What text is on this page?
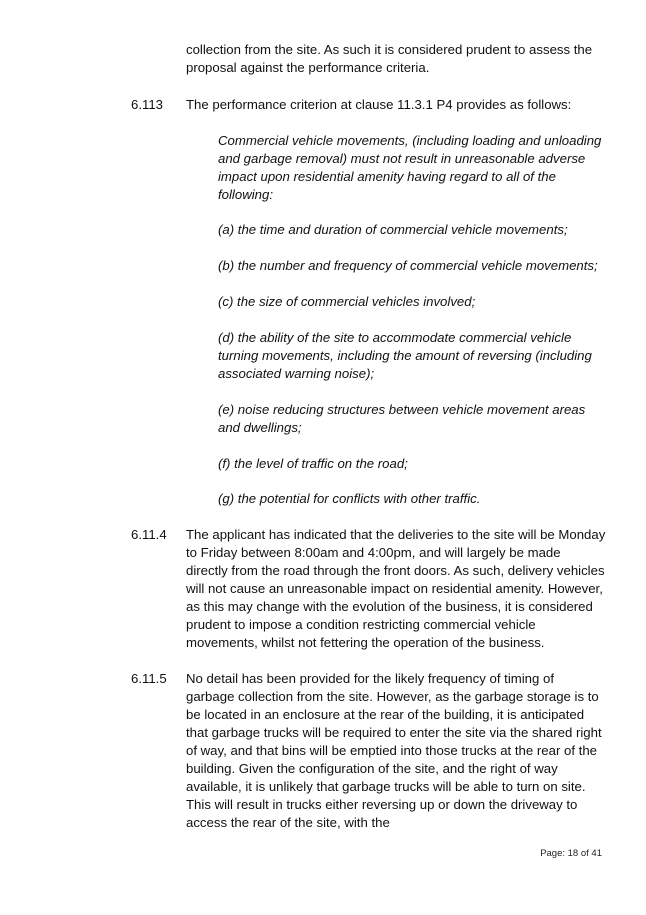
collection from the site. As such it is considered prudent to assess the proposal against the performance criteria.
6.113 The performance criterion at clause 11.3.1 P4 provides as follows:
Commercial vehicle movements, (including loading and unloading and garbage removal) must not result in unreasonable adverse impact upon residential amenity having regard to all of the following:
(a) the time and duration of commercial vehicle movements;
(b) the number and frequency of commercial vehicle movements;
(c) the size of commercial vehicles involved;
(d) the ability of the site to accommodate commercial vehicle turning movements, including the amount of reversing (including associated warning noise);
(e) noise reducing structures between vehicle movement areas and dwellings;
(f) the level of traffic on the road;
(g) the potential for conflicts with other traffic.
6.11.4 The applicant has indicated that the deliveries to the site will be Monday to Friday between 8:00am and 4:00pm, and will largely be made directly from the road through the front doors. As such, delivery vehicles will not cause an unreasonable impact on residential amenity. However, as this may change with the evolution of the business, it is considered prudent to impose a condition restricting commercial vehicle movements, whilst not fettering the operation of the business.
6.11.5 No detail has been provided for the likely frequency of timing of garbage collection from the site. However, as the garbage storage is to be located in an enclosure at the rear of the building, it is anticipated that garbage trucks will be required to enter the site via the shared right of way, and that bins will be emptied into those trucks at the rear of the building. Given the configuration of the site, and the right of way available, it is unlikely that garbage trucks will be able to turn on site. This will result in trucks either reversing up or down the driveway to access the rear of the site, with the
Page: 18 of 41
